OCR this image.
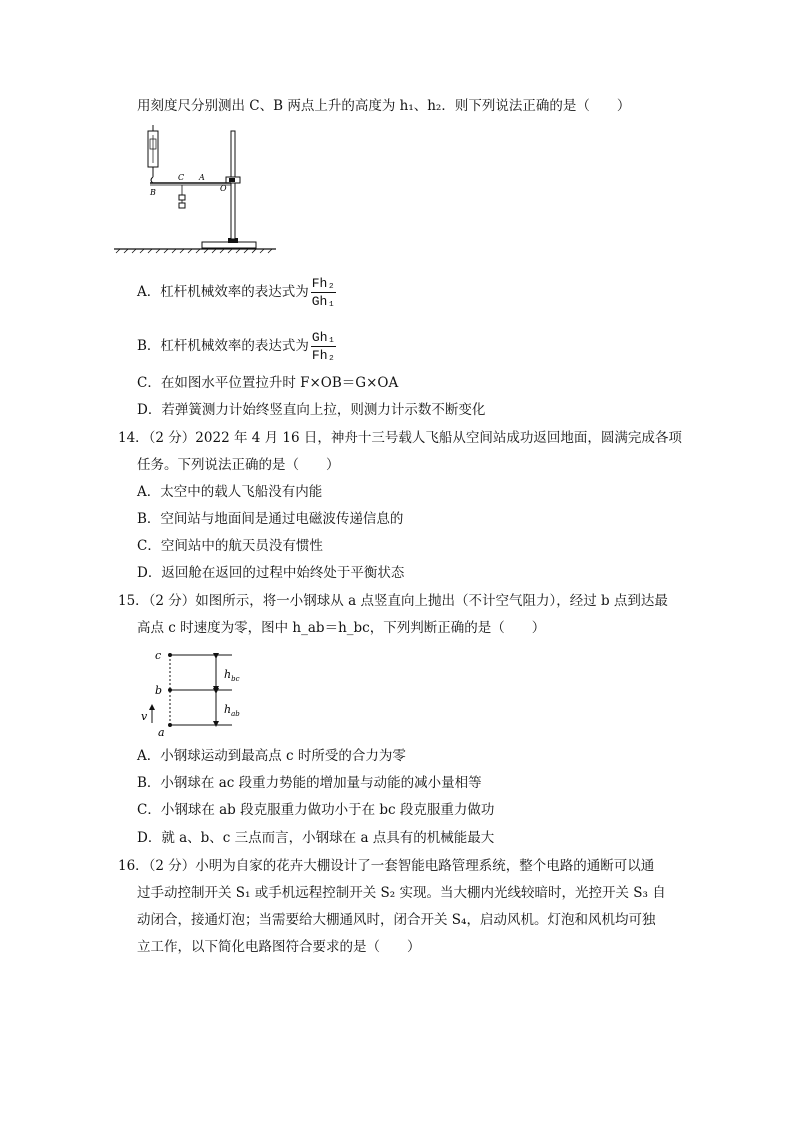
用刻度尺分别测出 C、B 两点上升的高度为 h₁、h₂．则下列说法正确的是（　　）
C A
B	O
A．杠杆机械效率的表达式为 $\frac{\text{Fh₂}}{\text{Gh₁}}$
B．杠杆机械效率的表达式为 $\frac{\text{Gh₁}}{\text{Fh₂}}$
C．在如图水平位置拉升时 F×OB＝G×OA
D．若弹簧测力计始终竖直向上拉，则测力计示数不断变化
14．（2 分）2022 年 4 月 16 日，神舟十三号载人飞船从空间站成功返回地面，圆满完成各项
任务。下列说法正确的是（　　）
A．太空中的载人飞船没有内能
B．空间站与地面间是通过电磁波传递信息的
C．空间站中的航天员没有惯性
D．返回舱在返回的过程中始终处于平衡状态
15．（2 分）如图所示，将一小钢球从 a 点竖直向上抛出（不计空气阻力），经过 b 点到达最
高点 c 时速度为零，图中 h_ab＝h_bc，下列判断正确的是（　　）
c
b
a
v
$h_{bc}$
$h_{ab}$
A．小钢球运动到最高点 c 时所受的合力为零
B．小钢球在 ac 段重力势能的增加量与动能的减小量相等
C．小钢球在 ab 段克服重力做功小于在 bc 段克服重力做功
D．就 a、b、c 三点而言，小钢球在 a 点具有的机械能最大
16．（2 分）小明为自家的花卉大棚设计了一套智能电路管理系统，整个电路的通断可以通
过手动控制开关 S₁ 或手机远程控制开关 S₂ 实现。当大棚内光线较暗时，光控开关 S₃ 自
动闭合，接通灯泡；当需要给大棚通风时，闭合开关 S₄，启动风机。灯泡和风机均可独
立工作，以下简化电路图符合要求的是（　　）
